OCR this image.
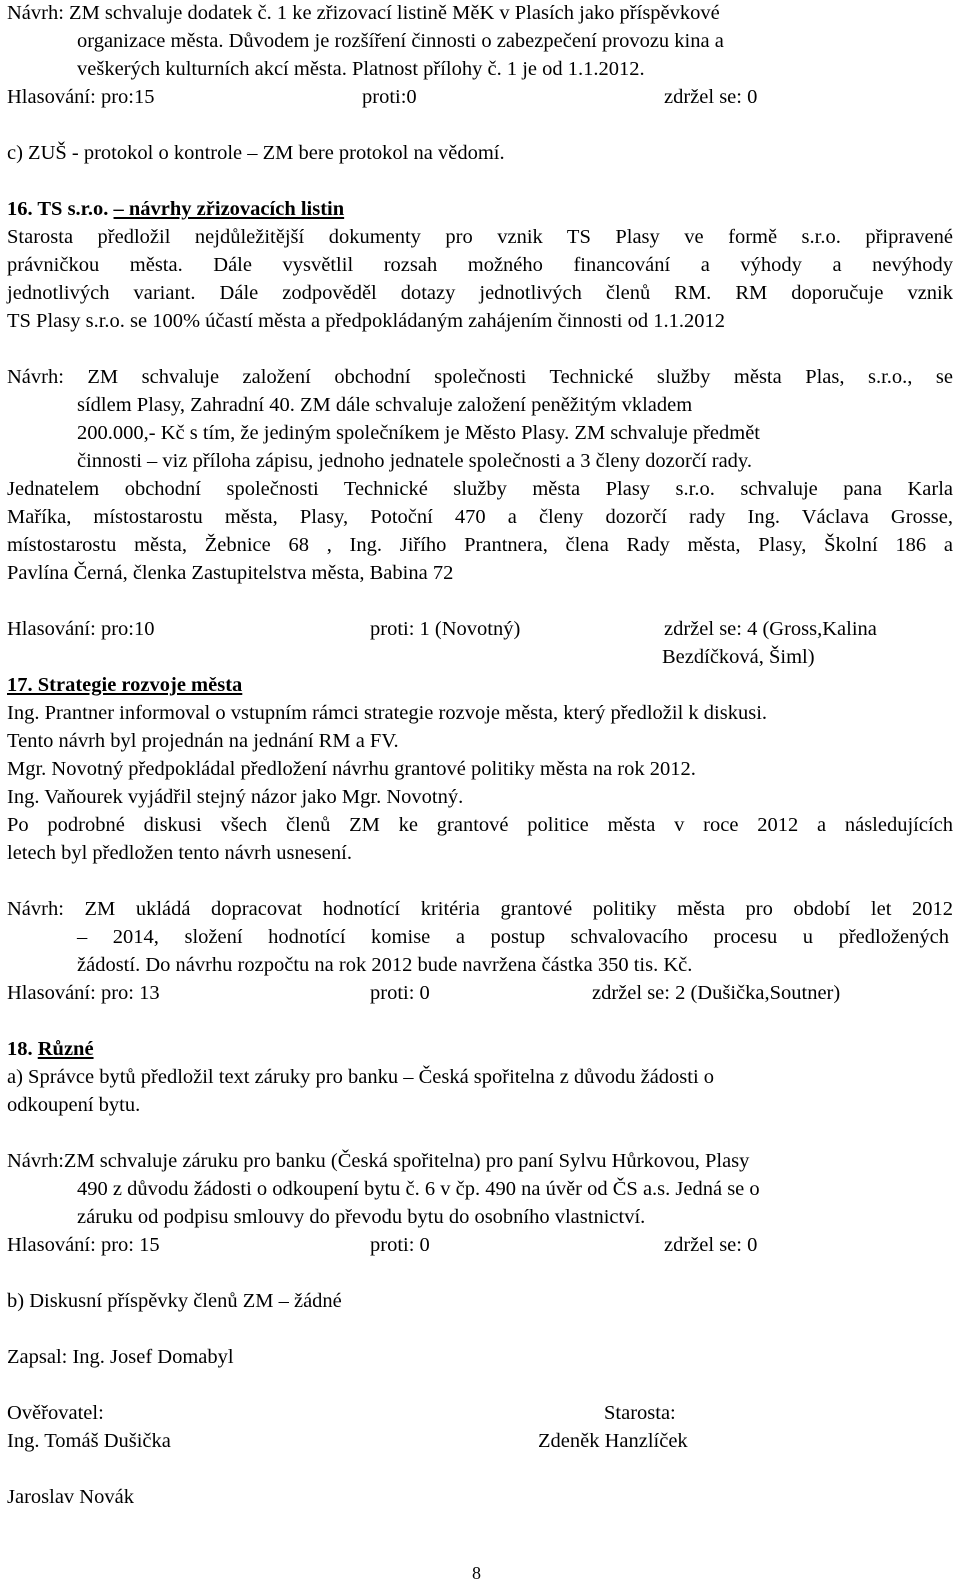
Návrh: ZM schvaluje dodatek č. 1 ke zřizovací listině MěK v Plasích jako příspěvkové
organizace města. Důvodem je rozšíření činnosti o zabezpečení provozu kina a
veškerých kulturních akcí města. Platnost přílohy č. 1 je od 1.1.2012.
Hlasování: pro:15	proti:0	zdržel se: 0
c) ZUŠ - protokol o kontrole – ZM bere protokol na vědomí.
16. TS s.r.o. – návrhy zřizovacích listin
Starosta předložil nejdůležitější dokumenty pro vznik TS Plasy ve formě s.r.o. připravené
právničkou města. Dále vysvětlil rozsah možného financování a výhody a nevýhody
jednotlivých variant. Dále zodpověděl dotazy jednotlivých členů RM. RM doporučuje vznik
TS Plasy s.r.o. se 100% účastí města a předpokládaným zahájením činnosti od 1.1.2012
Návrh: ZM schvaluje založení obchodní společnosti Technické služby města Plas, s.r.o., se
sídlem Plasy, Zahradní 40. ZM dále schvaluje založení peněžitým vkladem
200.000,- Kč s tím, že jediným společníkem je Město Plasy. ZM schvaluje předmět
činnosti – viz příloha zápisu, jednoho jednatele společnosti a 3 členy dozorčí rady.
Jednatelem obchodní společnosti Technické služby města Plasy s.r.o. schvaluje pana Karla
Maříka, místostarostu města, Plasy, Potoční 470 a členy dozorčí rady Ing. Václava Grosse,
místostarostu města, Žebnice 68 , Ing. Jiřího Prantnera, člena Rady města, Plasy, Školní 186 a
Pavlína Černá, členka Zastupitelstva města, Babina 72
Hlasování: pro:10	proti: 1 (Novotný)	zdržel se: 4 (Gross,Kalina
Bezdíčková, Šiml)
17. Strategie rozvoje města
Ing. Prantner informoval o vstupním rámci strategie rozvoje města, který předložil k diskusi.
Tento návrh byl projednán na jednání RM a FV.
Mgr. Novotný předpokládal předložení návrhu grantové politiky města na rok 2012.
Ing. Vaňourek vyjádřil stejný názor jako Mgr. Novotný.
Po podrobné diskusi všech členů ZM ke grantové politice města v roce 2012 a následujících
letech byl předložen tento návrh usnesení.
Návrh: ZM ukládá dopracovat hodnotící kritéria grantové politiky města pro období let 2012
– 2014, složení hodnotící komise a postup schvalovacího procesu u předložených
žádostí. Do návrhu rozpočtu na rok 2012 bude navržena částka 350 tis. Kč.
Hlasování: pro: 13	proti: 0	zdržel se: 2 (Dušička,Soutner)
18. Různé
a) Správce bytů předložil text záruky pro banku – Česká spořitelna z důvodu žádosti o
odkoupení bytu.
Návrh:ZM schvaluje záruku pro banku (Česká spořitelna) pro paní Sylvu Hůrkovou, Plasy
490 z důvodu žádosti o odkoupení bytu č. 6 v čp. 490 na úvěr od ČS a.s. Jedná se o
záruku od podpisu smlouvy do převodu bytu do osobního vlastnictví.
Hlasování: pro: 15	proti: 0	zdržel se: 0
b) Diskusní příspěvky členů ZM – žádné
Zapsal: Ing. Josef Domabyl
Ověřovatel:	Starosta:
Ing. Tomáš Dušička	Zdeněk Hanzlíček
Jaroslav Novák
8
